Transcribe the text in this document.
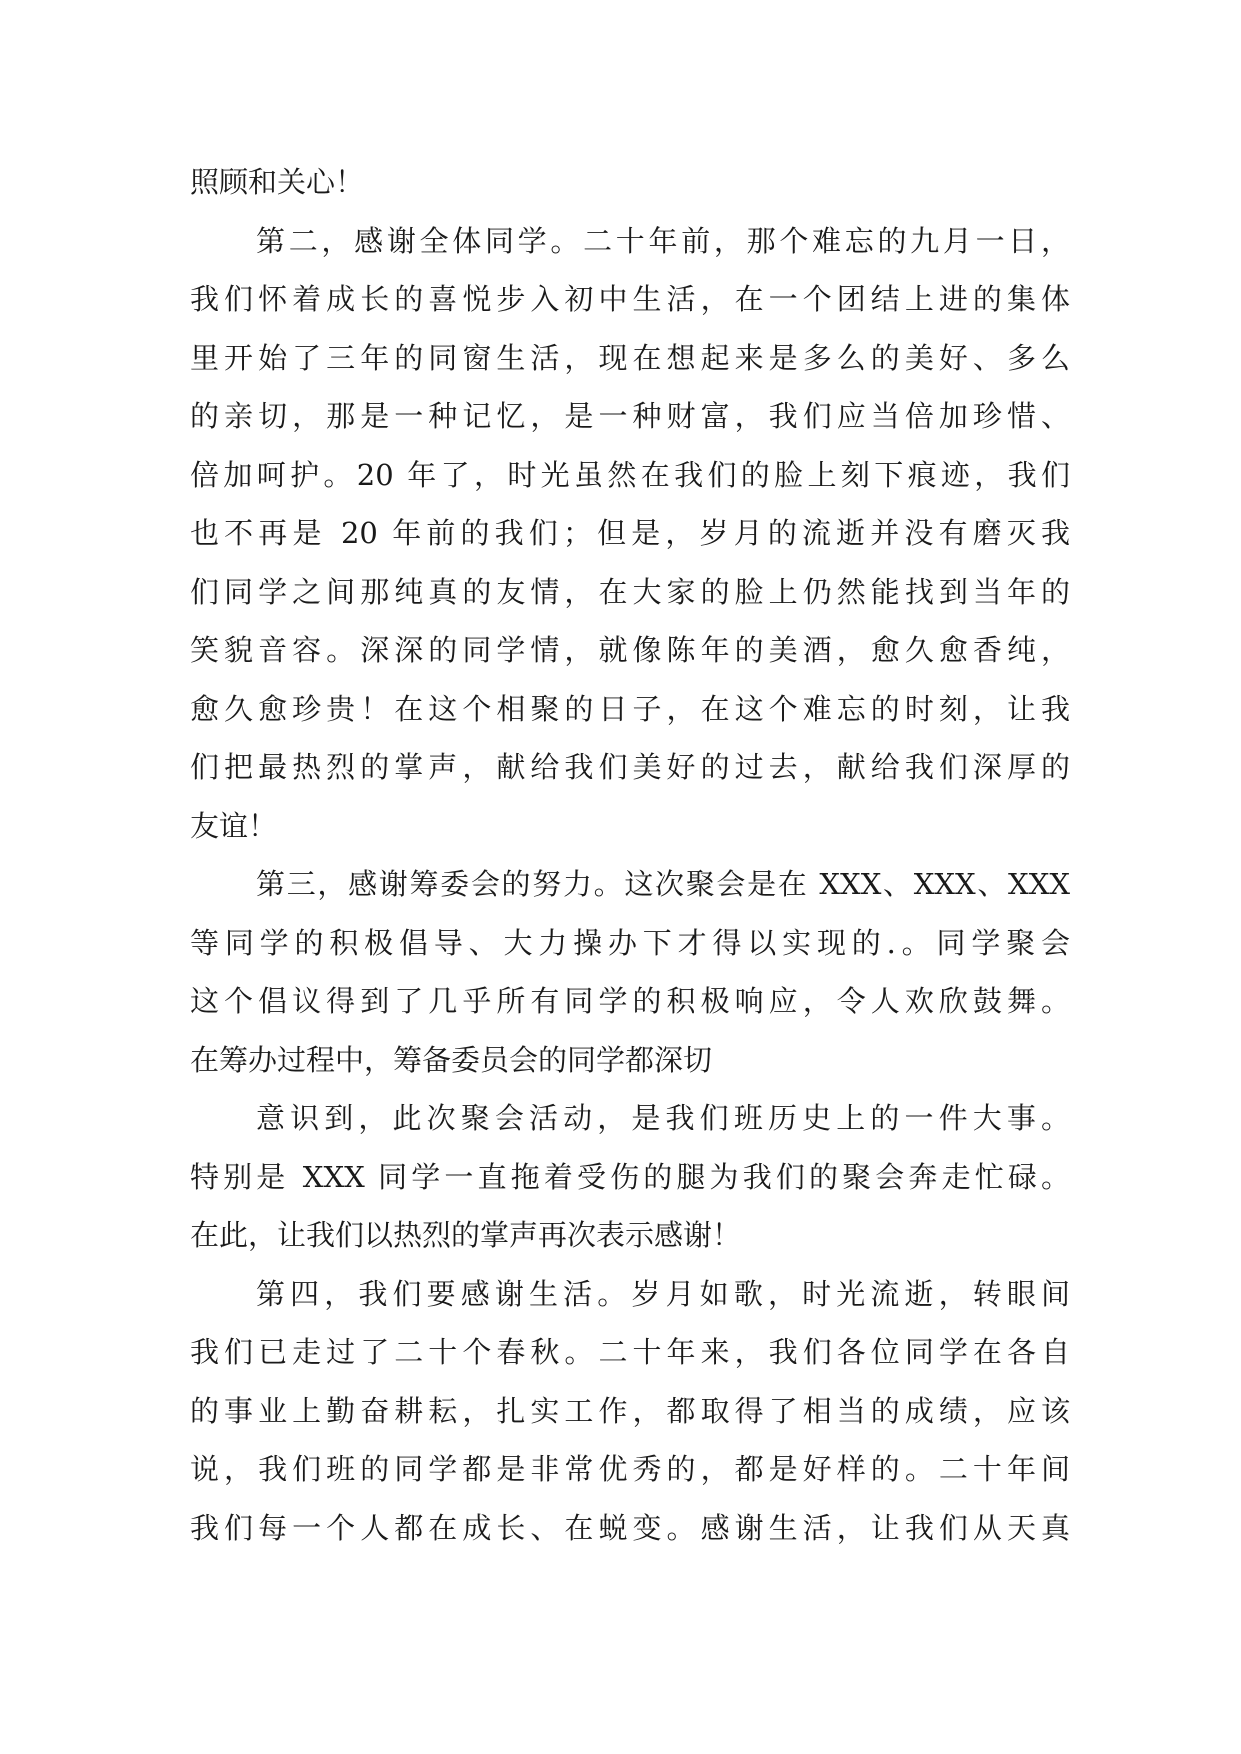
照顾和关心！
第二，感谢全体同学。二十年前，那个难忘的九月一日，
我们怀着成长的喜悦步入初中生活，在一个团结上进的集体
里开始了三年的同窗生活，现在想起来是多么的美好、多么
的亲切，那是一种记忆，是一种财富，我们应当倍加珍惜、
倍加呵护。20 年了，时光虽然在我们的脸上刻下痕迹，我们
也不再是 20 年前的我们；但是，岁月的流逝并没有磨灭我
们同学之间那纯真的友情，在大家的脸上仍然能找到当年的
笑貌音容。深深的同学情，就像陈年的美酒，愈久愈香纯，
愈久愈珍贵！在这个相聚的日子，在这个难忘的时刻，让我
们把最热烈的掌声，献给我们美好的过去，献给我们深厚的
友谊！
第三，感谢筹委会的努力。这次聚会是在 XXX、XXX、XXX
等同学的积极倡导、大力操办下才得以实现的.。同学聚会
这个倡议得到了几乎所有同学的积极响应，令人欢欣鼓舞。
在筹办过程中，筹备委员会的同学都深切
意识到，此次聚会活动，是我们班历史上的一件大事。
特别是 XXX 同学一直拖着受伤的腿为我们的聚会奔走忙碌。
在此，让我们以热烈的掌声再次表示感谢！
第四，我们要感谢生活。岁月如歌，时光流逝，转眼间
我们已走过了二十个春秋。二十年来，我们各位同学在各自
的事业上勤奋耕耘，扎实工作，都取得了相当的成绩，应该
说，我们班的同学都是非常优秀的，都是好样的。二十年间
我们每一个人都在成长、在蜕变。感谢生活，让我们从天真
